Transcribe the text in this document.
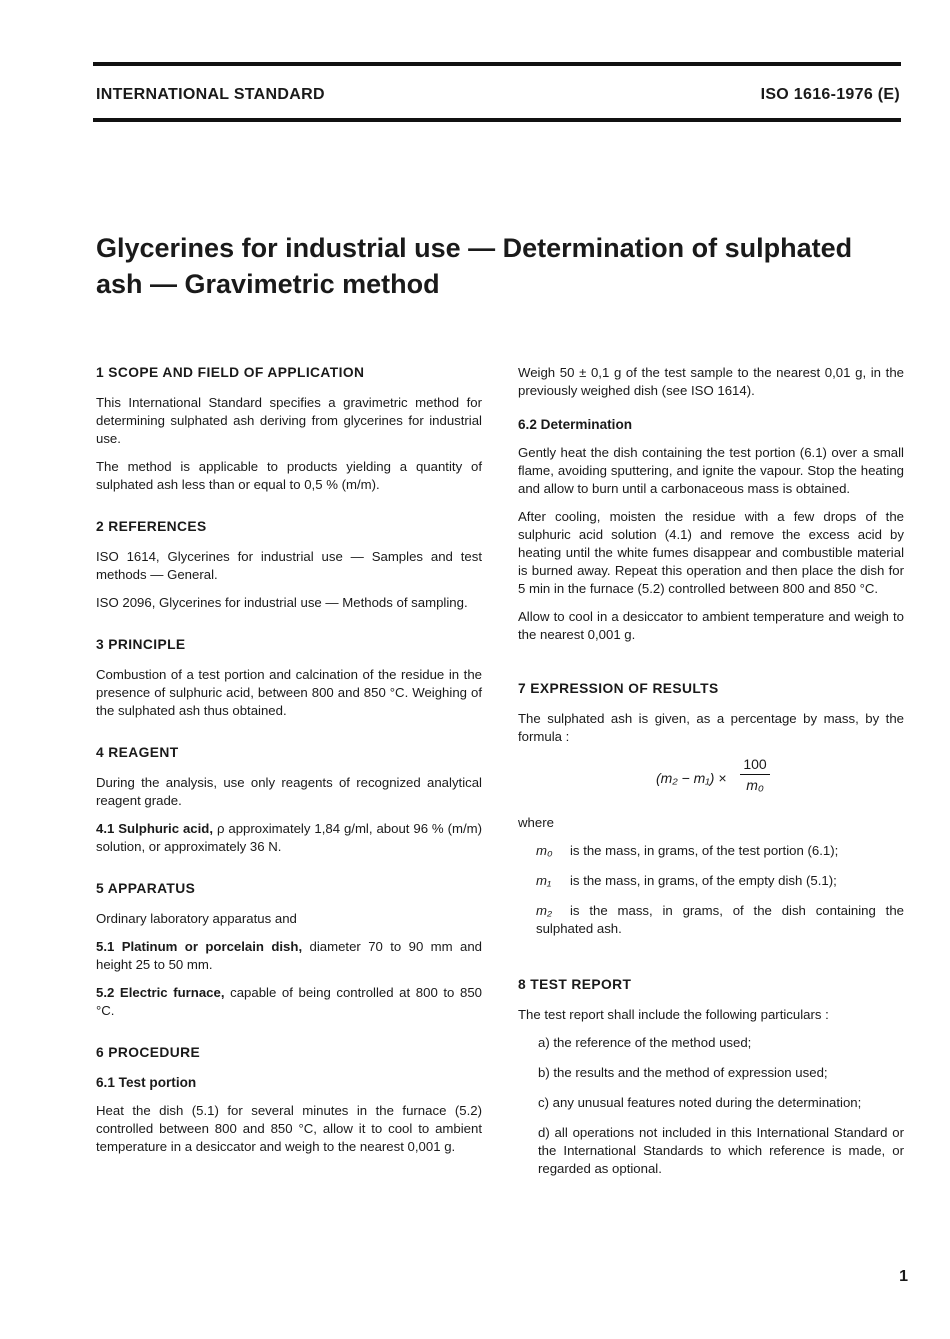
INTERNATIONAL STANDARD	ISO 1616-1976 (E)
Glycerines for industrial use — Determination of sulphated ash — Gravimetric method
1 SCOPE AND FIELD OF APPLICATION

This International Standard specifies a gravimetric method for determining sulphated ash deriving from glycerines for industrial use.

The method is applicable to products yielding a quantity of sulphated ash less than or equal to 0,5 % (m/m).

2 REFERENCES

ISO 1614, Glycerines for industrial use — Samples and test methods — General.

ISO 2096, Glycerines for industrial use — Methods of sampling.

3 PRINCIPLE

Combustion of a test portion and calcination of the residue in the presence of sulphuric acid, between 800 and 850 °C. Weighing of the sulphated ash thus obtained.

4 REAGENT

During the analysis, use only reagents of recognized analytical reagent grade.

4.1 Sulphuric acid, ρ approximately 1,84 g/ml, about 96 % (m/m) solution, or approximately 36 N.

5 APPARATUS

Ordinary laboratory apparatus and

5.1 Platinum or porcelain dish, diameter 70 to 90 mm and height 25 to 50 mm.

5.2 Electric furnace, capable of being controlled at 800 to 850 °C.

6 PROCEDURE
6.1 Test portion

Heat the dish (5.1) for several minutes in the furnace (5.2) controlled between 800 and 850 °C, allow it to cool to ambient temperature in a desiccator and weigh to the nearest 0,001 g.

Weigh 50 ± 0,1 g of the test sample to the nearest 0,01 g, in the previously weighed dish (see ISO 1614).

6.2 Determination

Gently heat the dish containing the test portion (6.1) over a small flame, avoiding sputtering, and ignite the vapour. Stop the heating and allow to burn until a carbonaceous mass is obtained.

After cooling, moisten the residue with a few drops of the sulphuric acid solution (4.1) and remove the excess acid by heating until the white fumes disappear and combustible material is burned away. Repeat this operation and then place the dish for 5 min in the furnace (5.2) controlled between 800 and 850 °C.

Allow to cool in a desiccator to ambient temperature and weigh to the nearest 0,001 g.

7 EXPRESSION OF RESULTS

The sulphated ash is given, as a percentage by mass, by the formula :

(m₂ − m₁) ×
100
m₀

where

m₀ is the mass, in grams, of the test portion (6.1);

m₁ is the mass, in grams, of the empty dish (5.1);

m₂ is the mass, in grams, of the dish containing the sulphated ash.

8 TEST REPORT

The test report shall include the following particulars :

a) the reference of the method used;

b) the results and the method of expression used;

c) any unusual features noted during the determination;

d) all operations not included in this International Standard or the International Standards to which reference is made, or regarded as optional.

1
